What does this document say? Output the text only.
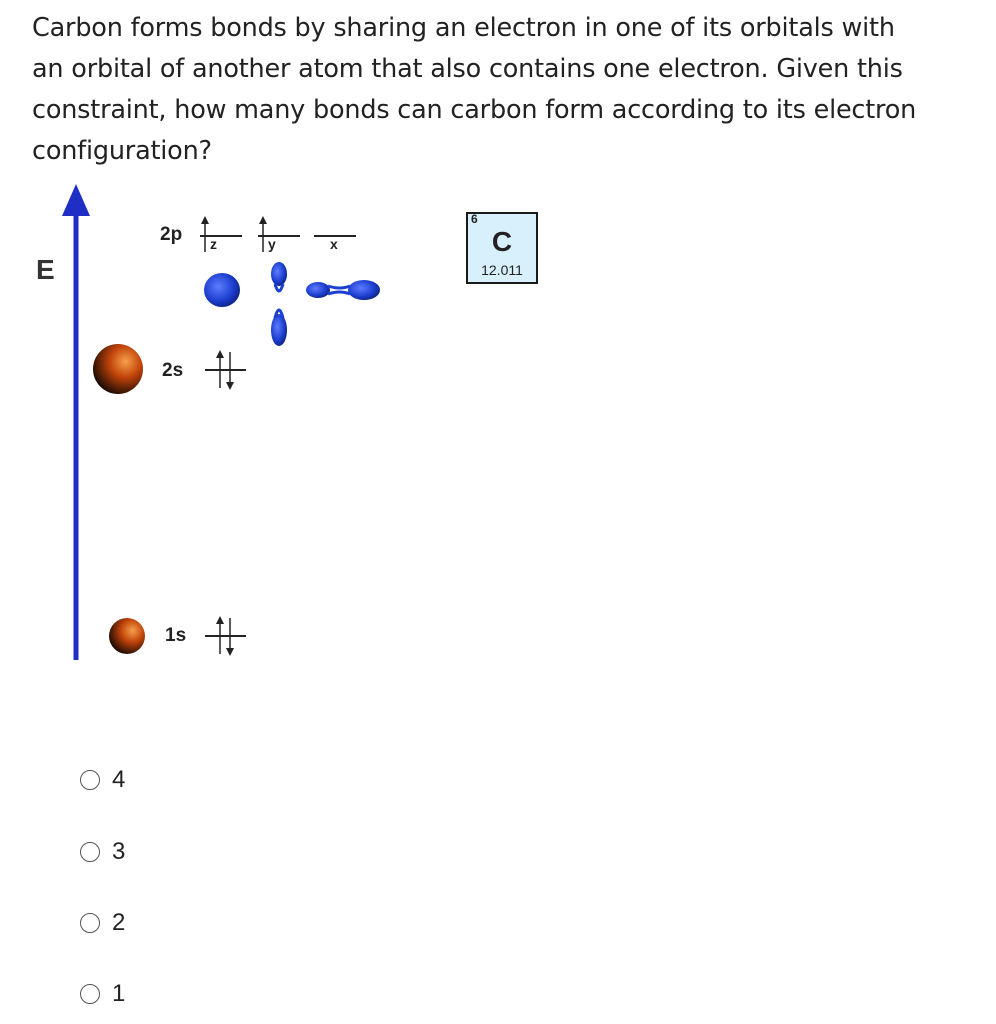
Carbon forms bonds by sharing an electron in one of its orbitals with
an orbital of another atom that also contains one electron. Given this
constraint, how many bonds can carbon form according to its electron
configuration?
E
2p
2s
1s
z	y	x
6
C
12.011
4
3
2
1
